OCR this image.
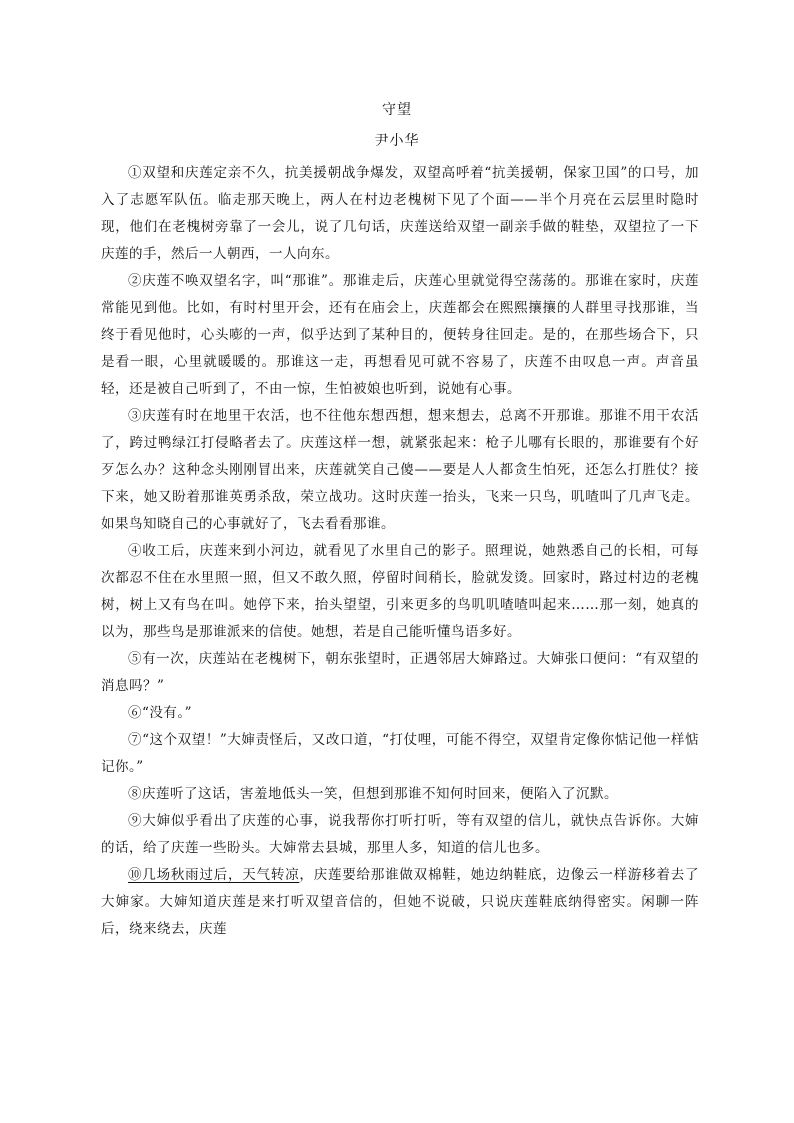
守望
尹小华

①双望和庆莲定亲不久，抗美援朝战争爆发，双望高呼着“抗美援朝，保家卫国”的口号，加入了志愿军队伍。临走那天晚上，两人在村边老槐树下见了个面——半个月亮在云层里时隐时现，他们在老槐树旁靠了一会儿，说了几句话，庆莲送给双望一副亲手做的鞋垫，双望拉了一下庆莲的手，然后一人朝西，一人向东。

②庆莲不唤双望名字，叫“那谁”。那谁走后，庆莲心里就觉得空荡荡的。那谁在家时，庆莲常能见到他。比如，有时村里开会，还有在庙会上，庆莲都会在熙熙攘攘的人群里寻找那谁，当终于看见他时，心头嘭的一声，似乎达到了某种目的，便转身往回走。是的，在那些场合下，只是看一眼，心里就暖暖的。那谁这一走，再想看见可就不容易了，庆莲不由叹息一声。声音虽轻，还是被自己听到了，不由一惊，生怕被娘也听到，说她有心事。

③庆莲有时在地里干农活，也不往他东想西想，想来想去，总离不开那谁。那谁不用干农活了，跨过鸭绿江打侵略者去了。庆莲这样一想，就紧张起来：枪子儿哪有长眼的，那谁要有个好歹怎么办？这种念头刚刚冒出来，庆莲就笑自己傻——要是人人都贪生怕死，还怎么打胜仗？接下来，她又盼着那谁英勇杀敌，荣立战功。这时庆莲一抬头，飞来一只鸟，叽喳叫了几声飞走。如果鸟知晓自己的心事就好了，飞去看看那谁。

④收工后，庆莲来到小河边，就看见了水里自己的影子。照理说，她熟悉自己的长相，可每次都忍不住在水里照一照，但又不敢久照，停留时间稍长，脸就发烫。回家时，路过村边的老槐树，树上又有鸟在叫。她停下来，抬头望望，引来更多的鸟叽叽喳喳叫起来……那一刻，她真的以为，那些鸟是那谁派来的信使。她想，若是自己能听懂鸟语多好。

⑤有一次，庆莲站在老槐树下，朝东张望时，正遇邻居大婶路过。大婶张口便问：“有双望的消息吗？”

⑥“没有。”

⑦“这个双望！”大婶责怪后，又改口道，“打仗哩，可能不得空，双望肯定像你惦记他一样惦记你。”

⑧庆莲听了这话，害羞地低头一笑，但想到那谁不知何时回来，便陷入了沉默。

⑨大婶似乎看出了庆莲的心事，说我帮你打听打听，等有双望的信儿，就快点告诉你。大婶的话，给了庆莲一些盼头。大婶常去县城，那里人多，知道的信儿也多。

⑩几场秋雨过后，天气转凉，庆莲要给那谁做双棉鞋，她边纳鞋底，边像云一样游移着去了大婶家。大婶知道庆莲是来打听双望音信的，但她不说破，只说庆莲鞋底纳得密实。闲聊一阵后，绕来绕去，庆莲
